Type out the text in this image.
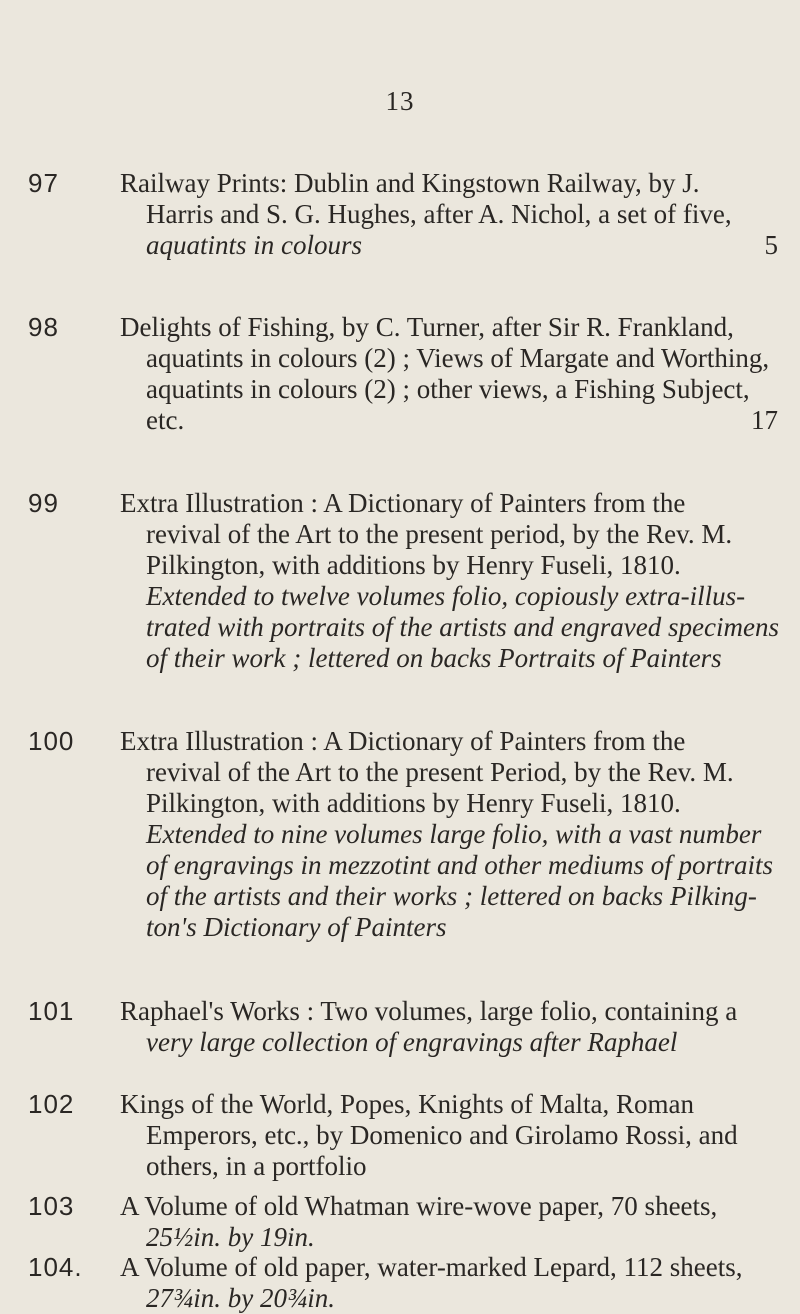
13
97	Railway Prints: Dublin and Kingstown Railway, by J.
Harris and S. G. Hughes, after A. Nichol, a set of five,
aquatints in colours	5
98	Delights of Fishing, by C. Turner, after Sir R. Frankland,
aquatints in colours (2) ; Views of Margate and Worthing,
aquatints in colours (2) ; other views, a Fishing Subject,
etc.	17
99	Extra Illustration : A Dictionary of Painters from the
revival of the Art to the present period, by the Rev. M.
Pilkington, with additions by Henry Fuseli, 1810.
Extended to twelve volumes folio, copiously extra-illus-
trated with portraits of the artists and engraved specimens
of their work ; lettered on backs Portraits of Painters
100	Extra Illustration : A Dictionary of Painters from the
revival of the Art to the present Period, by the Rev. M.
Pilkington, with additions by Henry Fuseli, 1810.
Extended to nine volumes large folio, with a vast number
of engravings in mezzotint and other mediums of portraits
of the artists and their works ; lettered on backs Pilking-
ton's Dictionary of Painters
101	Raphael's Works : Two volumes, large folio, containing a
very large collection of engravings after Raphael
102	Kings of the World, Popes, Knights of Malta, Roman
Emperors, etc., by Domenico and Girolamo Rossi, and
others, in a portfolio
103	A Volume of old Whatman wire-wove paper, 70 sheets,
25½in. by 19in.
104.	A Volume of old paper, water-marked Lepard, 112 sheets,
27¾in. by 20¾in.
